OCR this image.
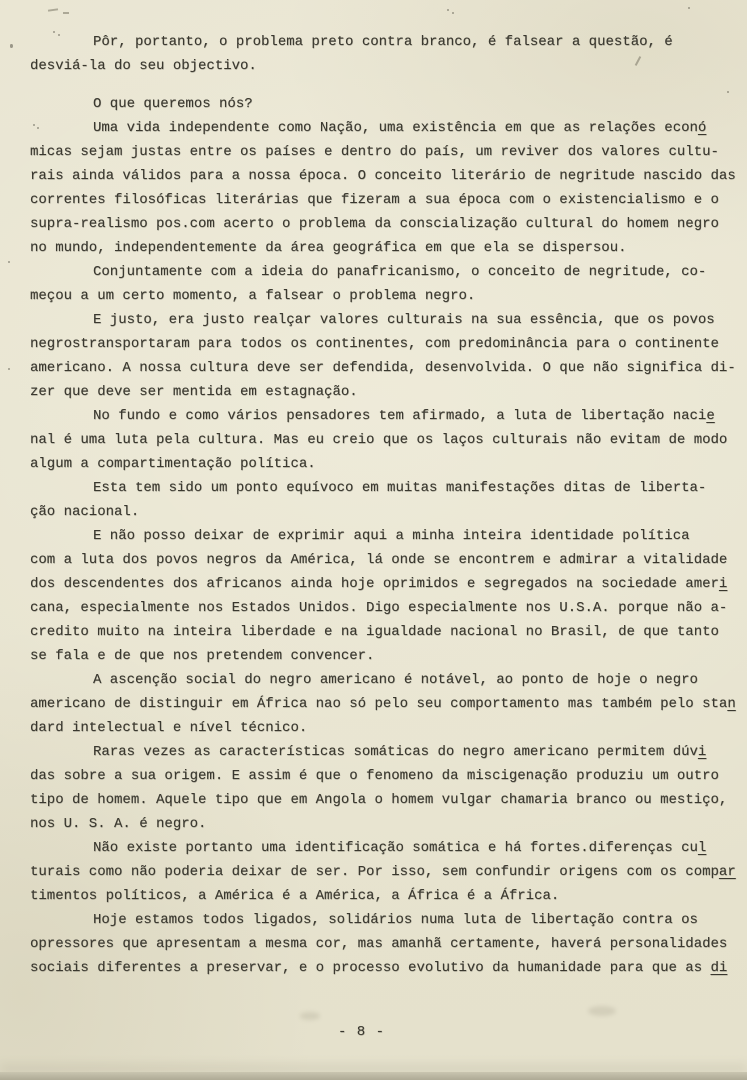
Pôr, portanto, o problema preto contra branco, é falsear a questão, é
desviá-la do seu objectivo.
O que queremos nós?
Uma vida independente como Nação, uma existência em que as relações econó
micas sejam justas entre os países e dentro do país, um reviver dos valores cultu-
rais ainda válidos para a nossa época. O conceito literário de negritude nascido das
correntes filosóficas literárias que fizeram a sua época com o existencialismo e o
supra-realismo pos.com acerto o problema da conscialização cultural do homem negro
no mundo, independentemente da área geográfica em que ela se dispersou.
Conjuntamente com a ideia do panafricanismo, o conceito de negritude, co-
meçou a um certo momento, a falsear o problema negro.
E justo, era justo realçar valores culturais na sua essência, que os povos
negrostransportaram para todos os continentes, com predominância para o continente
americano. A nossa cultura deve ser defendida, desenvolvida. O que não significa di-
zer que deve ser mentida em estagnação.
No fundo e como vários pensadores tem afirmado, a luta de libertação nacie
nal é uma luta pela cultura. Mas eu creio que os laços culturais não evitam de modo
algum a compartimentação política.
Esta tem sido um ponto equívoco em muitas manifestações ditas de liberta-
ção nacional.
E não posso deixar de exprimir aqui a minha inteira identidade política
com a luta dos povos negros da América, lá onde se encontrem e admirar a vitalidade
dos descendentes dos africanos ainda hoje oprimidos e segregados na sociedade ameri
cana, especialmente nos Estados Unidos. Digo especialmente nos U.S.A. porque não a-
credito muito na inteira liberdade e na igualdade nacional no Brasil, de que tanto
se fala e de que nos pretendem convencer.
A ascenção social do negro americano é notável, ao ponto de hoje o negro
americano de distinguir em África nao só pelo seu comportamento mas também pelo stan
dard intelectual e nível técnico.
Raras vezes as características somáticas do negro americano permitem dúvi
das sobre a sua origem. E assim é que o fenomeno da miscigenação produziu um outro
tipo de homem. Aquele tipo que em Angola o homem vulgar chamaria branco ou mestiço,
nos U. S. A. é negro.
Não existe portanto uma identificação somática e há fortes.diferenças cul
turais como não poderia deixar de ser. Por isso, sem confundir origens com os compar
timentos políticos, a América é a América, a África é a África.
Hoje estamos todos ligados, solidários numa luta de libertação contra os
opressores que apresentam a mesma cor, mas amanhã certamente, haverá personalidades
sociais diferentes a preservar, e o processo evolutivo da humanidade para que as di
- 8 -
